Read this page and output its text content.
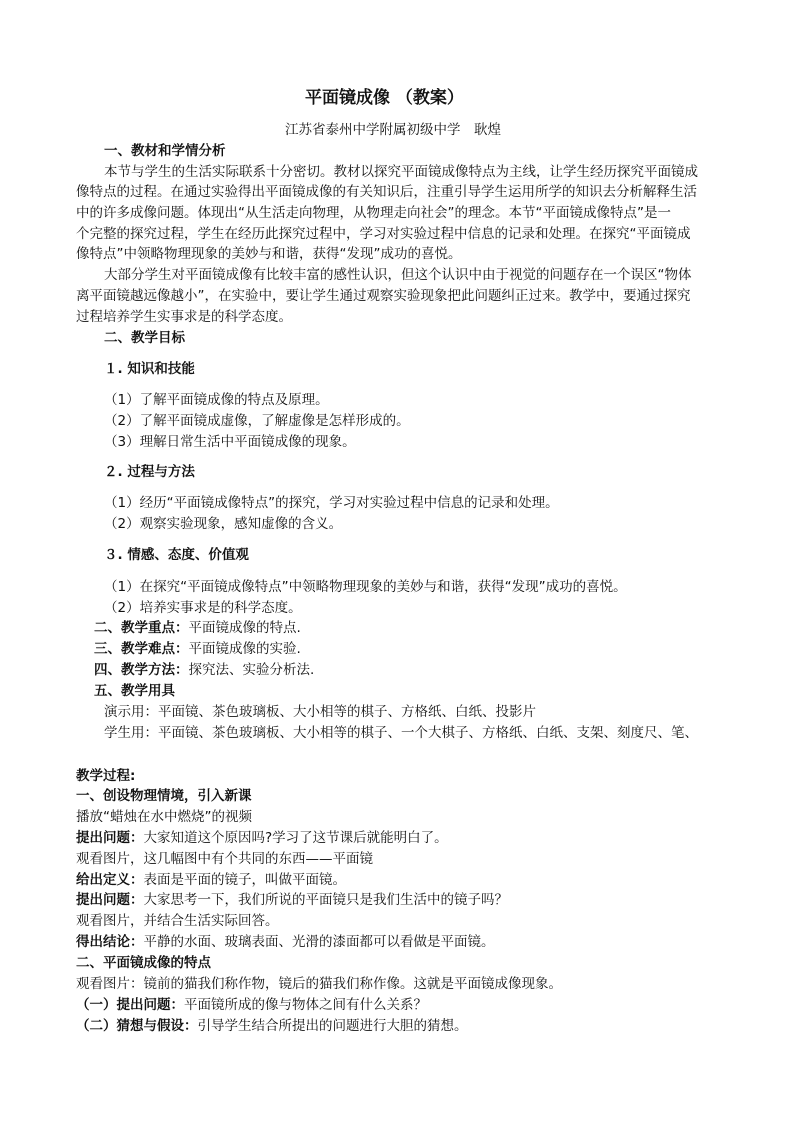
平面镜成像 （教案）
江苏省泰州中学附属初级中学　耿煌
一、教材和学情分析
本节与学生的生活实际联系十分密切。教材以探究平面镜成像特点为主线，让学生经历探究平面镜成
像特点的过程。在通过实验得出平面镜成像的有关知识后，注重引导学生运用所学的知识去分析解释生活
中的许多成像问题。体现出“从生活走向物理，从物理走向社会”的理念。本节“平面镜成像特点”是一
个完整的探究过程，学生在经历此探究过程中，学习对实验过程中信息的记录和处理。在探究“平面镜成
像特点”中领略物理现象的美妙与和谐，获得“发现”成功的喜悦。
大部分学生对平面镜成像有比较丰富的感性认识，但这个认识中由于视觉的问题存在一个误区“物体
离平面镜越远像越小”，在实验中，要让学生通过观察实验现象把此问题纠正过来。教学中，要通过探究
过程培养学生实事求是的科学态度。
二、教学目标
１. 知识和技能
（1）了解平面镜成像的特点及原理。
（2）了解平面镜成虚像，了解虚像是怎样形成的。
（3）理解日常生活中平面镜成像的现象。
２. 过程与方法
（1）经历“平面镜成像特点”的探究，学习对实验过程中信息的记录和处理。
（2）观察实验现象，感知虚像的含义。
３. 情感、态度、价值观
（1）在探究“平面镜成像特点”中领略物理现象的美妙与和谐，获得“发现”成功的喜悦。
（2）培养实事求是的科学态度。
二、教学重点：平面镜成像的特点.
三、教学难点：平面镜成像的实验.
四、教学方法：探究法、实验分析法.
五、教学用具
演示用：平面镜、茶色玻璃板、大小相等的棋子、方格纸、白纸、投影片
学生用：平面镜、茶色玻璃板、大小相等的棋子、一个大棋子、方格纸、白纸、支架、刻度尺、笔、
教学过程:
一、创设物理情境，引入新课
播放“蜡烛在水中燃烧”的视频
提出问题：大家知道这个原因吗?学习了这节课后就能明白了。
观看图片，这几幅图中有个共同的东西——平面镜
给出定义：表面是平面的镜子，叫做平面镜。
提出问题：大家思考一下，我们所说的平面镜只是我们生活中的镜子吗？
观看图片，并结合生活实际回答。
得出结论：平静的水面、玻璃表面、光滑的漆面都可以看做是平面镜。
二、平面镜成像的特点
观看图片：镜前的猫我们称作物，镜后的猫我们称作像。这就是平面镜成像现象。
（一）提出问题：平面镜所成的像与物体之间有什么关系？
（二）猜想与假设：引导学生结合所提出的问题进行大胆的猜想。
